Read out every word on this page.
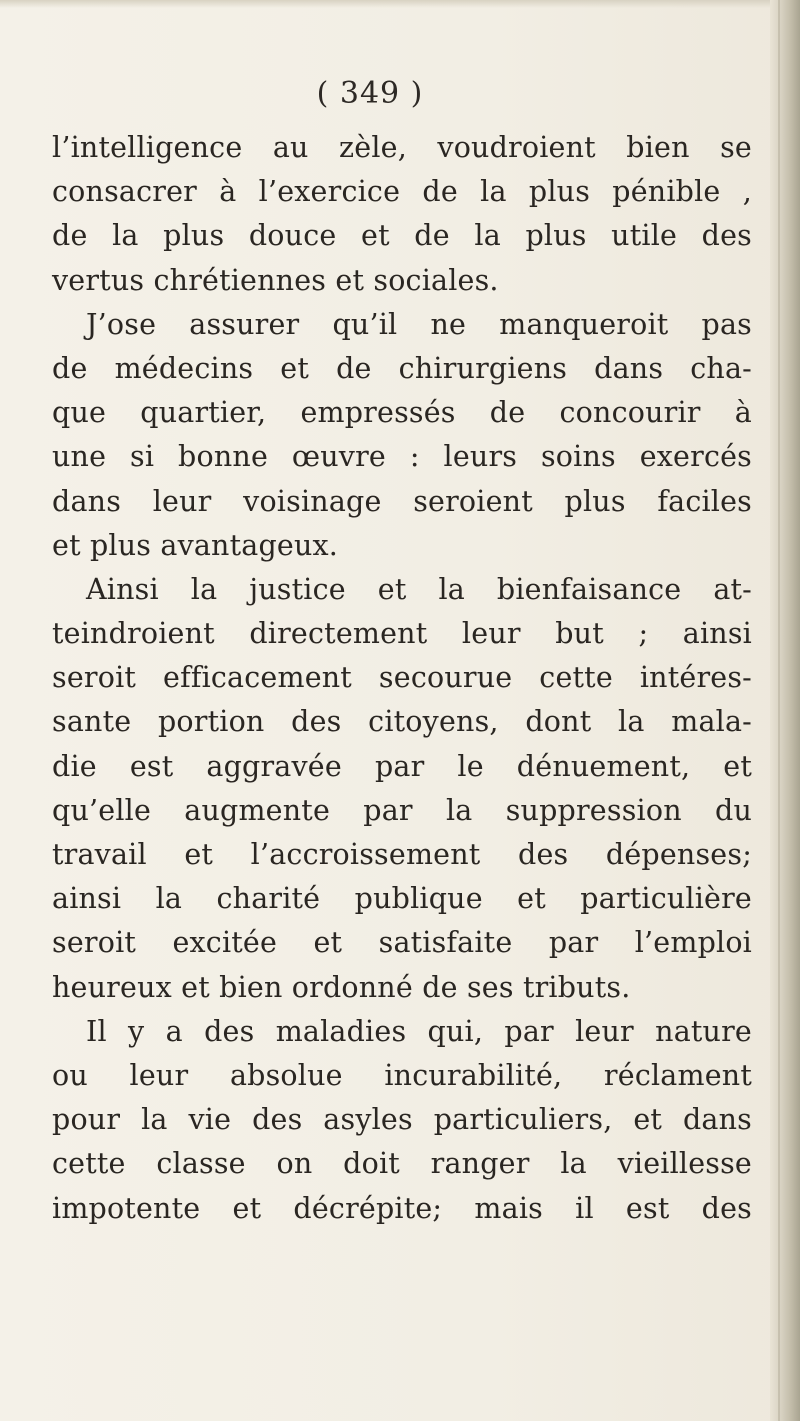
( 349 )
l’intelligence au zèle, voudroient bien se
consacrer à l’exercice de la plus pénible ,
de la plus douce et de la plus utile des
vertus chrétiennes et sociales.
J’ose assurer qu’il ne manqueroit pas
de médecins et de chirurgiens dans cha-
que quartier, empressés de concourir à
une si bonne œuvre : leurs soins exercés
dans leur voisinage seroient plus faciles
et plus avantageux.
Ainsi la justice et la bienfaisance at-
teindroient directement leur but ; ainsi
seroit efficacement secourue cette intéres-
sante portion des citoyens, dont la mala-
die est aggravée par le dénuement, et
qu’elle augmente par la suppression du
travail et l’accroissement des dépenses;
ainsi la charité publique et particulière
seroit excitée et satisfaite par l’emploi
heureux et bien ordonné de ses tributs.
Il y a des maladies qui, par leur nature
ou leur absolue incurabilité, réclament
pour la vie des asyles particuliers, et dans
cette classe on doit ranger la vieillesse
impotente et décrépite; mais il est des
